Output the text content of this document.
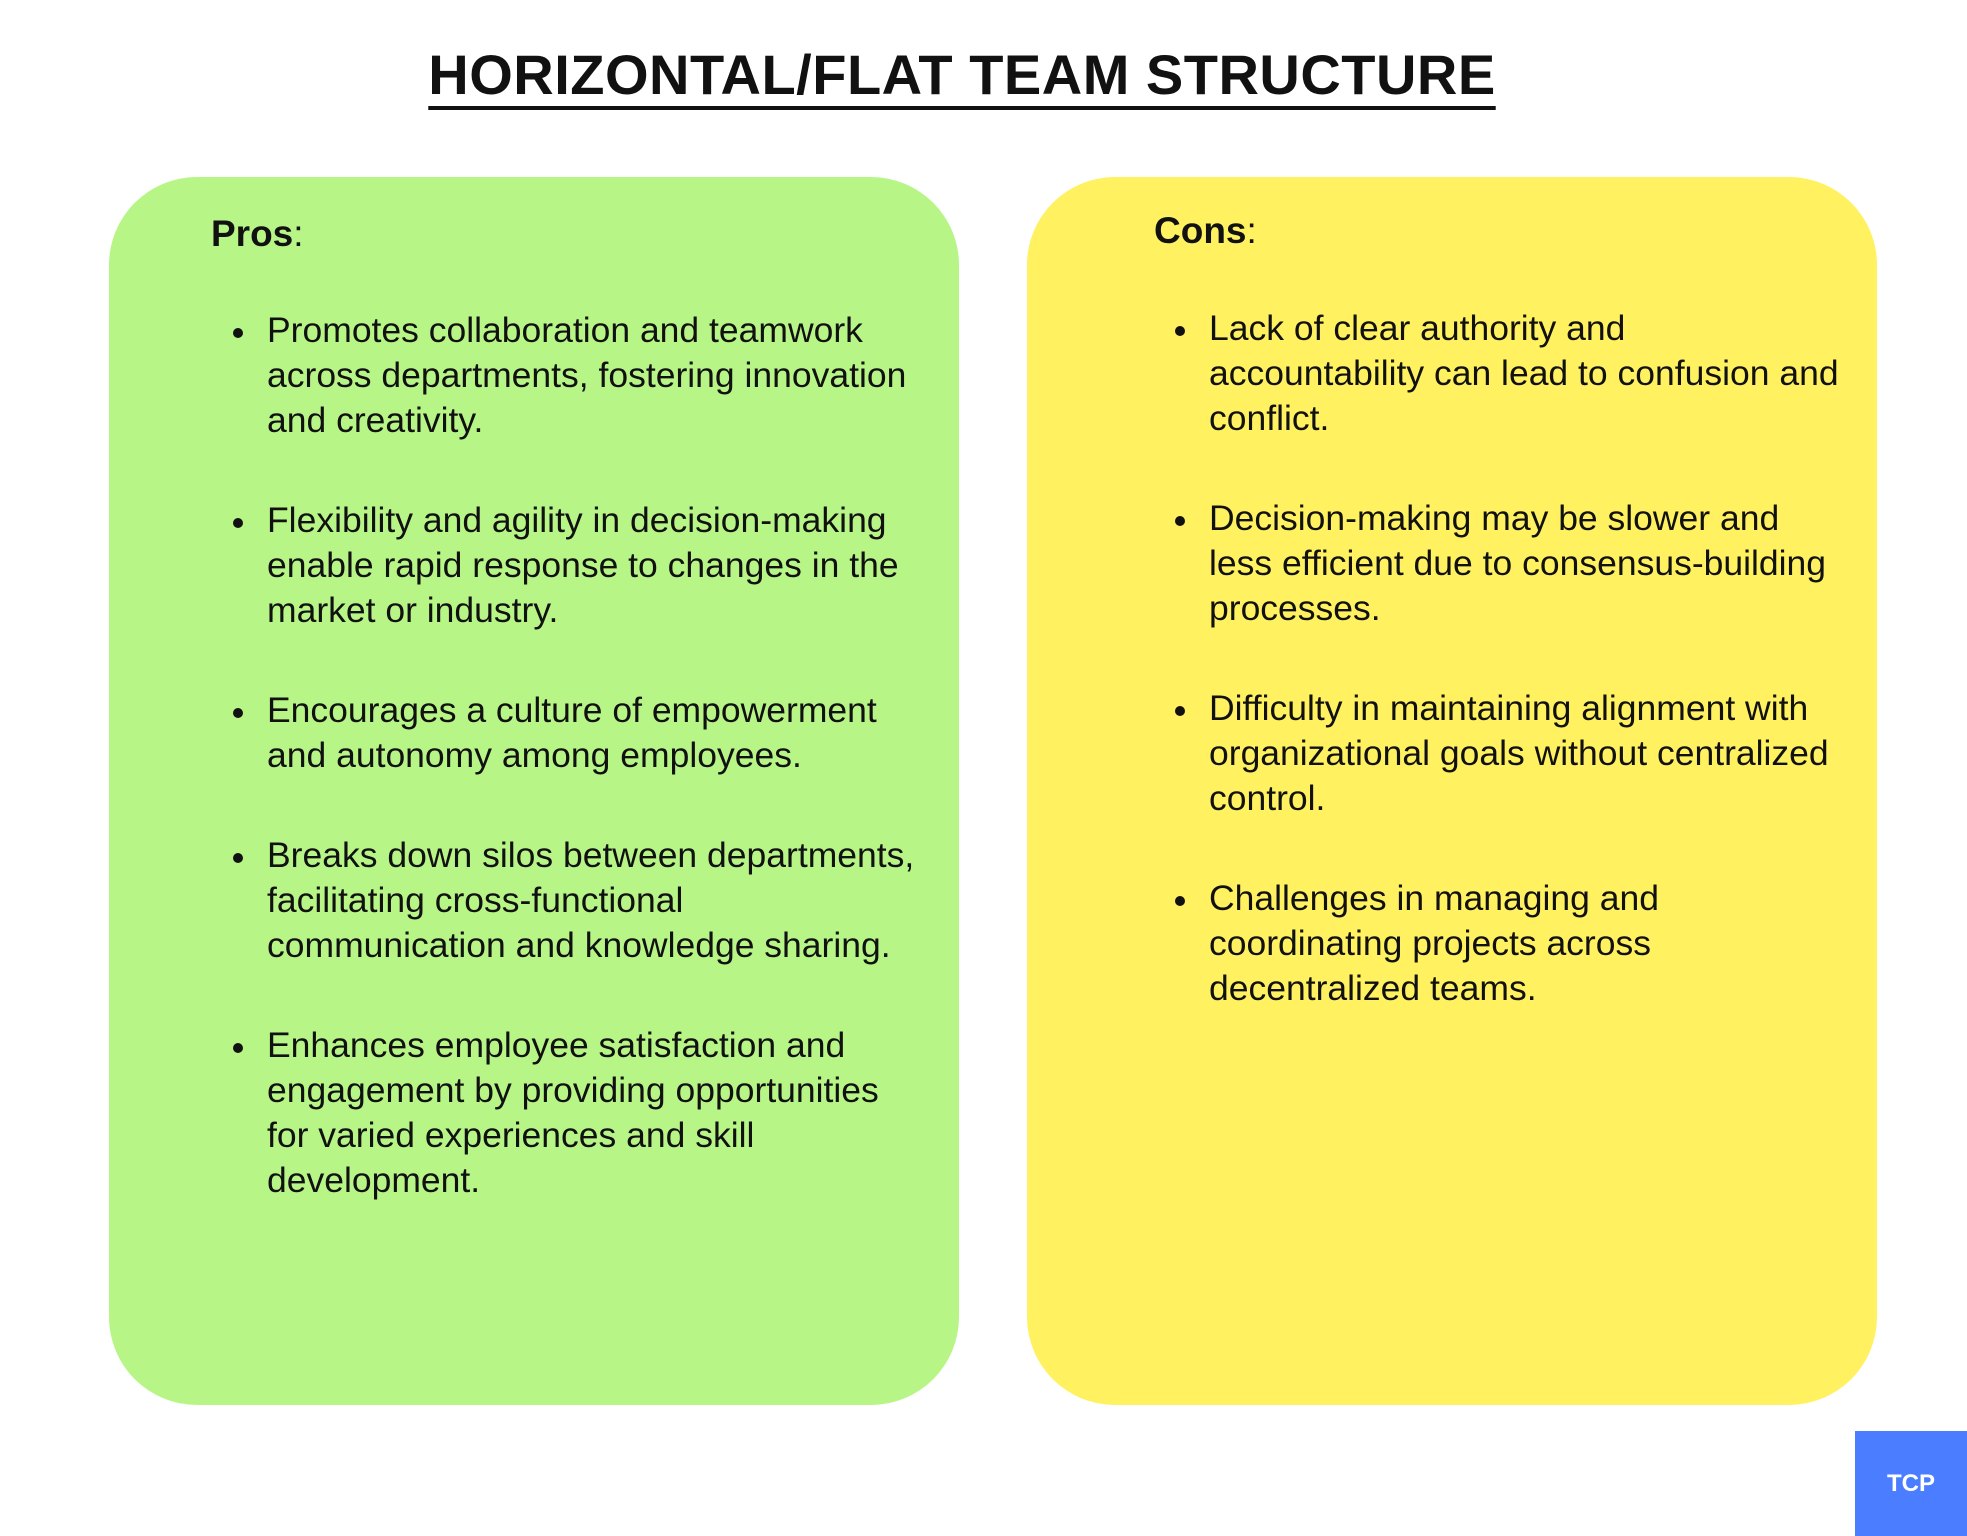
HORIZONTAL/FLAT TEAM STRUCTURE
Pros:
Promotes collaboration and teamwork across departments, fostering innovation and creativity.
Flexibility and agility in decision-making enable rapid response to changes in the market or industry.
Encourages a culture of empowerment and autonomy among employees.
Breaks down silos between departments, facilitating cross-functional communication and knowledge sharing.
Enhances employee satisfaction and engagement by providing opportunities for varied experiences and skill development.
Cons:
Lack of clear authority and accountability can lead to confusion and conflict.
Decision-making may be slower and less efficient due to consensus-building processes.
Difficulty in maintaining alignment with organizational goals without centralized control.
Challenges in managing and coordinating projects across decentralized teams.
TCP
